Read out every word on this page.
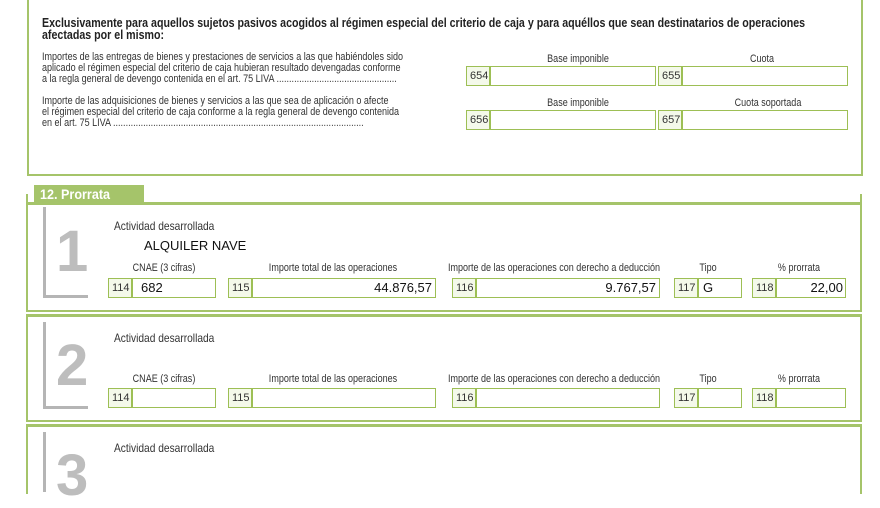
Exclusivamente para aquellos sujetos pasivos acogidos al régimen especial del criterio de caja y para aquéllos que sean destinatarios de operaciones afectadas por el mismo:
Importes de las entregas de bienes y prestaciones de servicios a las que habiéndoles sido
aplicado el régimen especial del criterio de caja hubieran resultado devengadas conforme
a la regla general de devengo contenida en el art. 75 LIVA ................................................
Base imponible	Cuota
654	655
Importe de las adquisiciones de bienes y servicios a las que sea de aplicación o afecte
el régimen especial del criterio de caja conforme a la regla general de devengo contenida
en el art. 75 LIVA ....................................................................................................
Base imponible	Cuota soportada
656	657
12. Prorrata
1 Actividad desarrollada
ALQUILER NAVE
CNAE (3 cifras)	Importe total de las operaciones	Importe de las operaciones con derecho a deducción	Tipo	% prorrata
114 682	115	44.876,57	116	9.767,57	117 G	118	22,00
2 Actividad desarrollada
CNAE (3 cifras)	Importe total de las operaciones	Importe de las operaciones con derecho a deducción	Tipo	% prorrata
114	115	116	117	118
3 Actividad desarrollada
